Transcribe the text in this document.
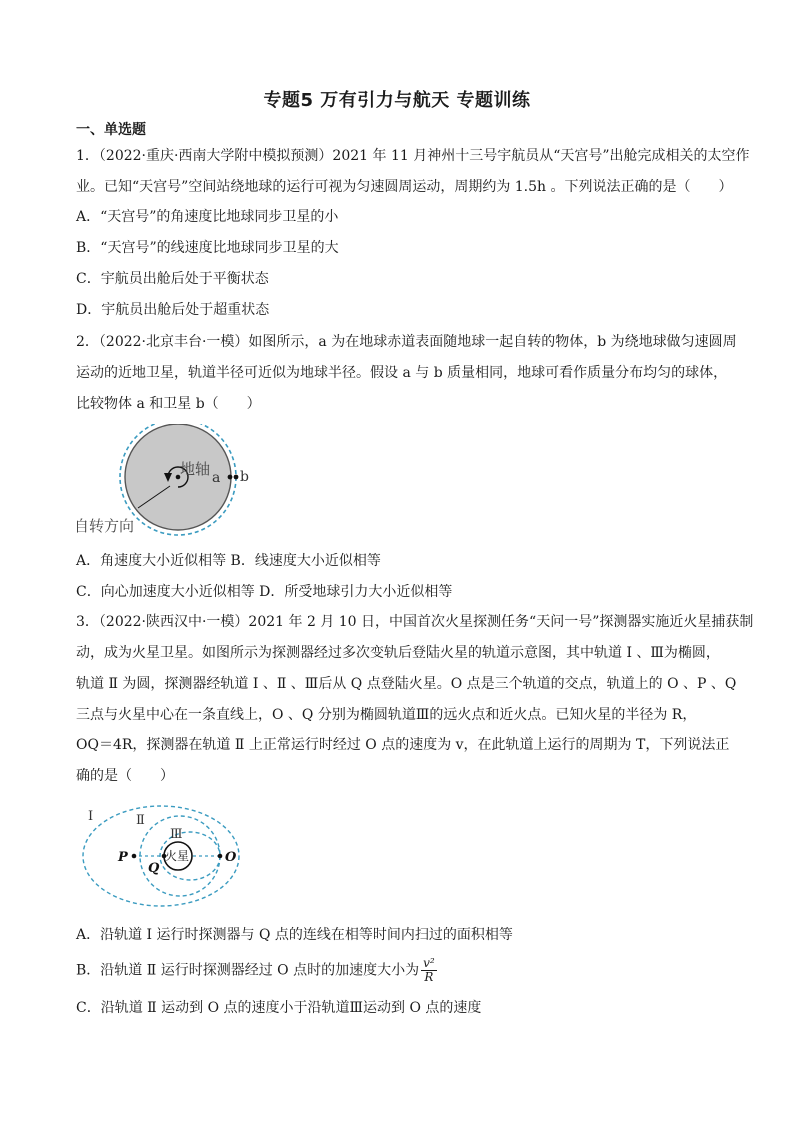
专题5 万有引力与航天 专题训练
一、单选题
1．（2022·重庆·西南大学附中模拟预测）2021 年 11 月神州十三号宇航员从“天宫号”出舱完成相关的太空作
业。已知“天宫号”空间站绕地球的运行可视为匀速圆周运动，周期约为 1.5h 。下列说法正确的是（　　）
A．“天宫号”的角速度比地球同步卫星的小
B．“天宫号”的线速度比地球同步卫星的大
C．宇航员出舱后处于平衡状态
D．宇航员出舱后处于超重状态
2．（2022·北京丰台·一模）如图所示，a 为在地球赤道表面随地球一起自转的物体，b 为绕地球做匀速圆周
运动的近地卫星，轨道半径可近似为地球半径。假设 a 与 b 质量相同，地球可看作质量分布均匀的球体，
比较物体 a 和卫星 b（　　）
地轴 a b
自转方向
A．角速度大小近似相等 B．线速度大小近似相等
C．向心加速度大小近似相等 D．所受地球引力大小近似相等
3．（2022·陕西汉中·一模）2021 年 2 月 10 日，中国首次火星探测任务“天问一号”探测器实施近火星捕获制
动，成为火星卫星。如图所示为探测器经过多次变轨后登陆火星的轨道示意图，其中轨道 Ⅰ 、Ⅲ为椭圆，
轨道 Ⅱ 为圆，探测器经轨道 Ⅰ 、Ⅱ 、Ⅲ后从 Q 点登陆火星。O 点是三个轨道的交点，轨道上的 O 、P 、Q
三点与火星中心在一条直线上，O 、Q 分别为椭圆轨道Ⅲ的远火点和近火点。已知火星的半径为 R，
OQ＝4R，探测器在轨道 Ⅱ 上正常运行时经过 O 点的速度为 v，在此轨道上运行的周期为 T，下列说法正
确的是（　　）
Ⅰ	Ⅱ
Ⅲ
P
Q
O
火星
A．沿轨道 Ⅰ 运行时探测器与 Q 点的连线在相等时间内扫过的面积相等
B．沿轨道 Ⅱ 运行时探测器经过 O 点时的加速度大小为 $\frac{\text{v²}}{R}$
C．沿轨道 Ⅱ 运动到 O 点的速度小于沿轨道Ⅲ运动到 O 点的速度
